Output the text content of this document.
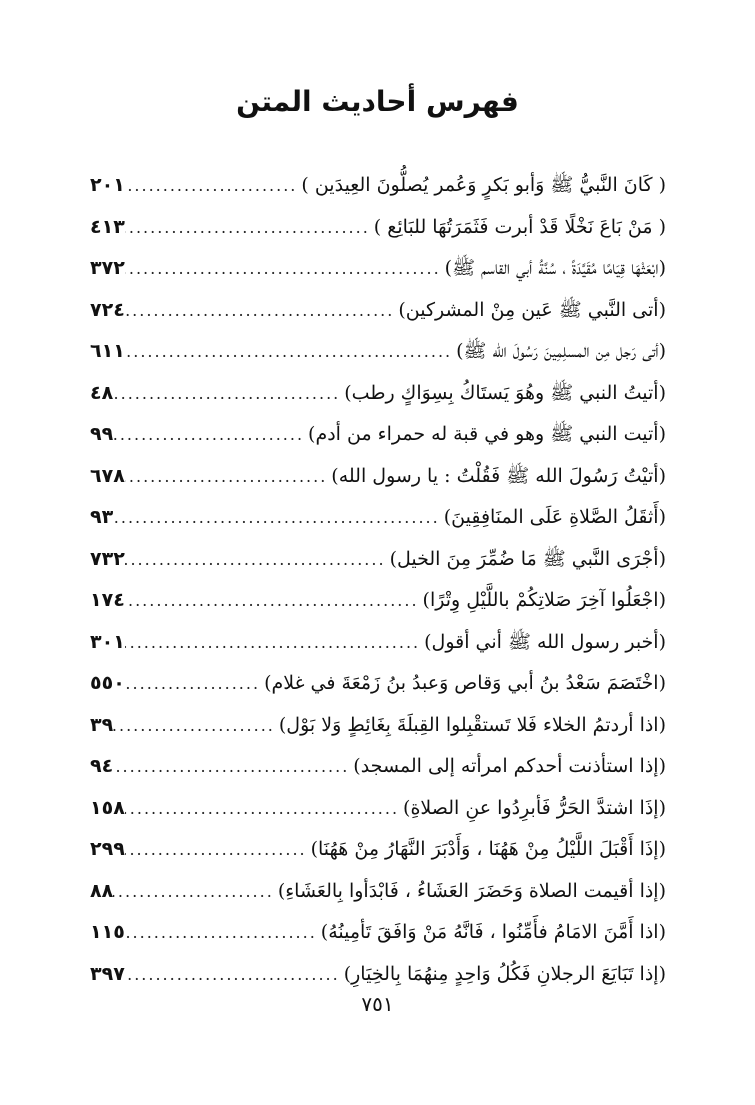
فهرس أحاديث المتن
( كَانَ النَّبيُّ ﷺ وَأبو بَكرٍ وَعُمر يُصلُّونَ العِيدَين )
.....
٢٠١
( مَنْ بَاعَ نَخْلًا قَدْ أبرت فَثَمَرَتُهَا للبَائِع )
.....
٤١٣
(ابْعَثْهَا قِيَامًا مُقَيَّدَةً ، سُنَّةُ أبي القاسم ﷺ)
.....
٣٧٢
(أتى النَّبي ﷺ عَين مِنْ المشركين)
.....
٧٢٤
(أتى رَجل مِن المسلِمِينَ رَسُولَ الله ﷺ)
.....
٦١١
(أتيتُ النبي ﷺ وهُوَ يَستَاكُ بِسِوَاكٍ رطب)
.....
٤٨
(أتيت النبي ﷺ وهو في قبة له حمراء من أدم)
.....
٩٩
(أتيْتُ رَسُولَ الله ﷺ فَقُلْتُ : يا رسول الله)
.....
٦٧٨
(أَثقَلُ الصَّلاةِ عَلَى المنَافِقِينَ)
.....
٩٣
(أجْرَى النَّبي ﷺ مَا ضُمِّرَ مِنَ الخيل)
.....
٧٣٢
(اجْعَلُوا آخِرَ صَلاتِكُمْ باللَّيْلِ وِتْرًا)
.....
١٧٤
(أخبر رسول الله ﷺ أني أقول)
.....
٣٠١
(اخْتَصَمَ سَعْدُ بنُ أبي وَقاص وَعبدُ بنُ زَمْعَةَ في غلام)
.....
٥٥٠
(اذا أردتمُ الخلاء فَلا تَستقْبِلوا القِبلَةَ بِغَائِطٍ وَلا بَوْل)
.....
٣٩
(إذا استأذنت أحدكم امرأته إلى المسجد)
.....
٩٤
(إذَا اشتدَّ الحَرُّ فَأبرِدُوا عنِ الصلاةِ)
.....
١٥٨
(إذَا أَقْبَلَ اللَّيْلُ مِنْ هَهُنَا ، وَأَدْبَرَ النَّهَارُ مِنْ هَهُنَا)
.....
٢٩٩
(إذا أقيمت الصلاة وَحَضَرَ العَشَاءُ ، فَابْدَأوا بِالعَشَاءِ)
.....
٨٨
(اذا أَمَّنَ الامَامُ فأَمِّنُوا ، فَانَّهُ مَنْ وَافَقَ تَأمِينُهُ)
.....
١١٥
(إذا تَبَايَعَ الرجلانِ فَكُلُ وَاحِدٍ مِنهُمَا بِالخِيَارِ)
.....
٣٩٧
٧٥١
